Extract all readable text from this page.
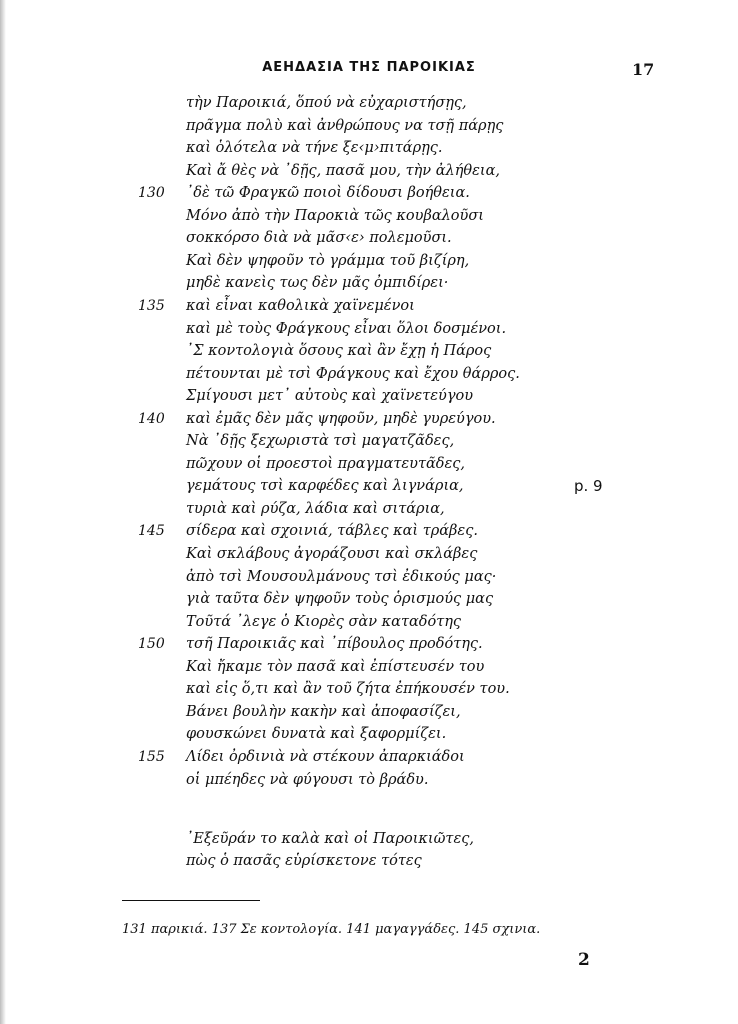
ΑΕΗΔΑΣΙΑ ΤΗΣ ΠΑΡΟΙΚΙΑΣ	17
τὴν Παροικιά, ὅπού νὰ εὐχαριστήσῃς,
πρᾶγμα πολὺ καὶ ἀνθρώπους να τσῇ πάρῃς
καὶ ὁλότελα νὰ τήνε ξε‹μ›πιτάρῃς.
Καὶ ἄ θὲς νὰ ᾽δῇς, πασᾶ μου, τὴν ἀλήθεια,
130 ᾽δὲ τῶ Φραγκῶ ποιοὶ δίδουσι βοήθεια.
Μόνο ἀπὸ τὴν Παροκιὰ τῶς κουβαλοῦσι
σοκκόρσο διὰ νὰ μᾶσ‹ε› πολεμοῦσι.
Καὶ δὲν ψηφοῦν τὸ γράμμα τοῦ βιζίρη,
μηδὲ κανεὶς τως δὲν μᾶς ὀμπιδίρει·
135 καὶ εἶναι καθολικὰ χαϊνεμένοι
καὶ μὲ τοὺς Φράγκους εἶναι ὅλοι δοσμένοι.
᾽Σ κοντολογιὰ ὅσους καὶ ἂν ἔχῃ ἡ Πάρος
πέτουνται μὲ τσὶ Φράγκους καὶ ἔχου θάρρος.
Σμίγουσι μετ᾽ αὐτοὺς καὶ χαϊνετεύγου
140 καὶ ἐμᾶς δὲν μᾶς ψηφοῦν, μηδὲ γυρεύγου.
Νὰ ᾽δῇς ξεχωριστὰ τσὶ μαγατζᾶδες,
πῶχουν οἱ προεστοὶ πραγματευτᾶδες,
γεμάτους τσὶ καρφέδες καὶ λιγνάρια,	p. 9
τυριὰ καὶ ρύζα, λάδια καὶ σιτάρια,
145 σίδερα καὶ σχοινιά, τάβλες καὶ τράβες.
Καὶ σκλάβους ἀγοράζουσι καὶ σκλάβες
ἀπὸ τσὶ Μουσουλμάνους τσὶ ἐδικούς μας·
γιὰ ταῦτα δὲν ψηφοῦν τοὺς ὁρισμούς μας
Τοῦτά ᾽λεγε ὁ Κιορὲς σὰν καταδότης
150 τσῆ Παροικιᾶς καὶ ᾽πίβουλος προδότης.
Καὶ ἤκαμε τὸν πασᾶ καὶ ἐπίστευσέν του
καὶ εἰς ὅ,τι καὶ ἂν τοῦ ζήτα ἐπήκουσέν του.
Βάνει βουλὴν κακὴν καὶ ἀποφασίζει,
φουσκώνει δυνατὰ καὶ ξαφορμίζει.
155 Λίδει ὀρδινιὰ νὰ στέκουν ἀπαρκιάδοι
οἱ μπέηδες νὰ φύγουσι τὸ βράδυ.
᾽Εξεῦράν το καλὰ καὶ οἱ Παροικιῶτες,
πὼς ὁ πασᾶς εὑρίσκετονε τότες
131 παρικιά. 137 Σε κοντολογία. 141 μαγαγγάδες. 145 σχινια.
2
